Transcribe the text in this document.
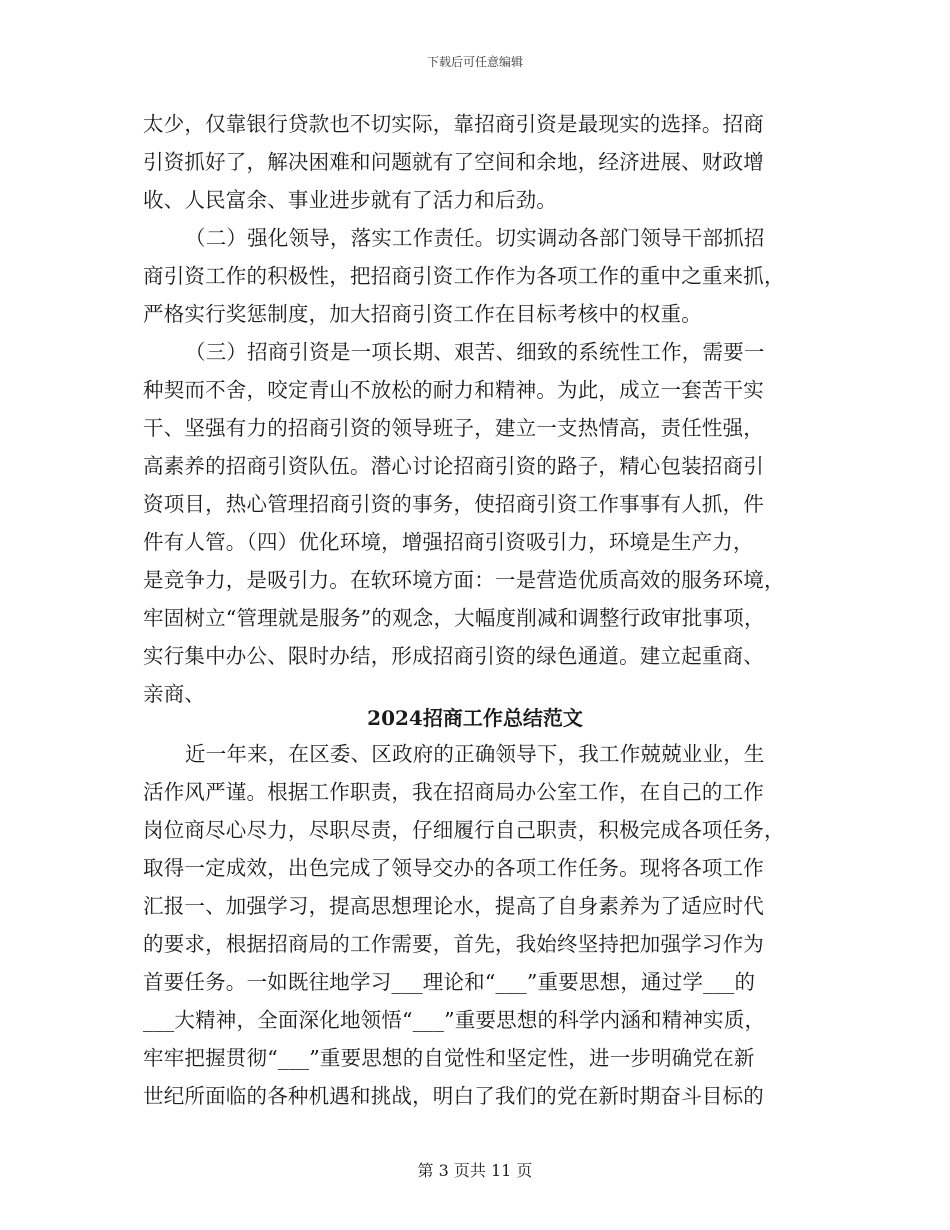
下载后可任意编辑
太少，仅靠银行贷款也不切实际，靠招商引资是最现实的选择。招商
引资抓好了，解决困难和问题就有了空间和余地，经济进展、财政增
收、人民富余、事业进步就有了活力和后劲。
（二）强化领导，落实工作责任。切实调动各部门领导干部抓招
商引资工作的积极性，把招商引资工作作为各项工作的重中之重来抓，
严格实行奖惩制度，加大招商引资工作在目标考核中的权重。
（三）招商引资是一项长期、艰苦、细致的系统性工作，需要一
种契而不舍，咬定青山不放松的耐力和精神。为此，成立一套苦干实
干、坚强有力的招商引资的领导班子，建立一支热情高，责任性强，
高素养的招商引资队伍。潜心讨论招商引资的路子，精心包装招商引
资项目，热心管理招商引资的事务，使招商引资工作事事有人抓，件
件有人管。（四）优化环境，增强招商引资吸引力，环境是生产力，
是竞争力，是吸引力。在软环境方面：一是营造优质高效的服务环境，
牢固树立“管理就是服务”的观念，大幅度削减和调整行政审批事项，
实行集中办公、限时办结，形成招商引资的绿色通道。建立起重商、
亲商、
2024招商工作总结范文
近一年来，在区委、区政府的正确领导下，我工作兢兢业业，生
活作风严谨。根据工作职责，我在招商局办公室工作，在自己的工作
岗位商尽心尽力，尽职尽责，仔细履行自己职责，积极完成各项任务，
取得一定成效，出色完成了领导交办的各项工作任务。现将各项工作
汇报一、加强学习，提高思想理论水，提高了自身素养为了适应时代
的要求，根据招商局的工作需要，首先，我始终坚持把加强学习作为
首要任务。一如既往地学习___理论和“___”重要思想，通过学___的
___大精神，全面深化地领悟“___”重要思想的科学内涵和精神实质，
牢牢把握贯彻“___”重要思想的自觉性和坚定性，进一步明确党在新
世纪所面临的各种机遇和挑战，明白了我们的党在新时期奋斗目标的
第 3 页共 11 页
